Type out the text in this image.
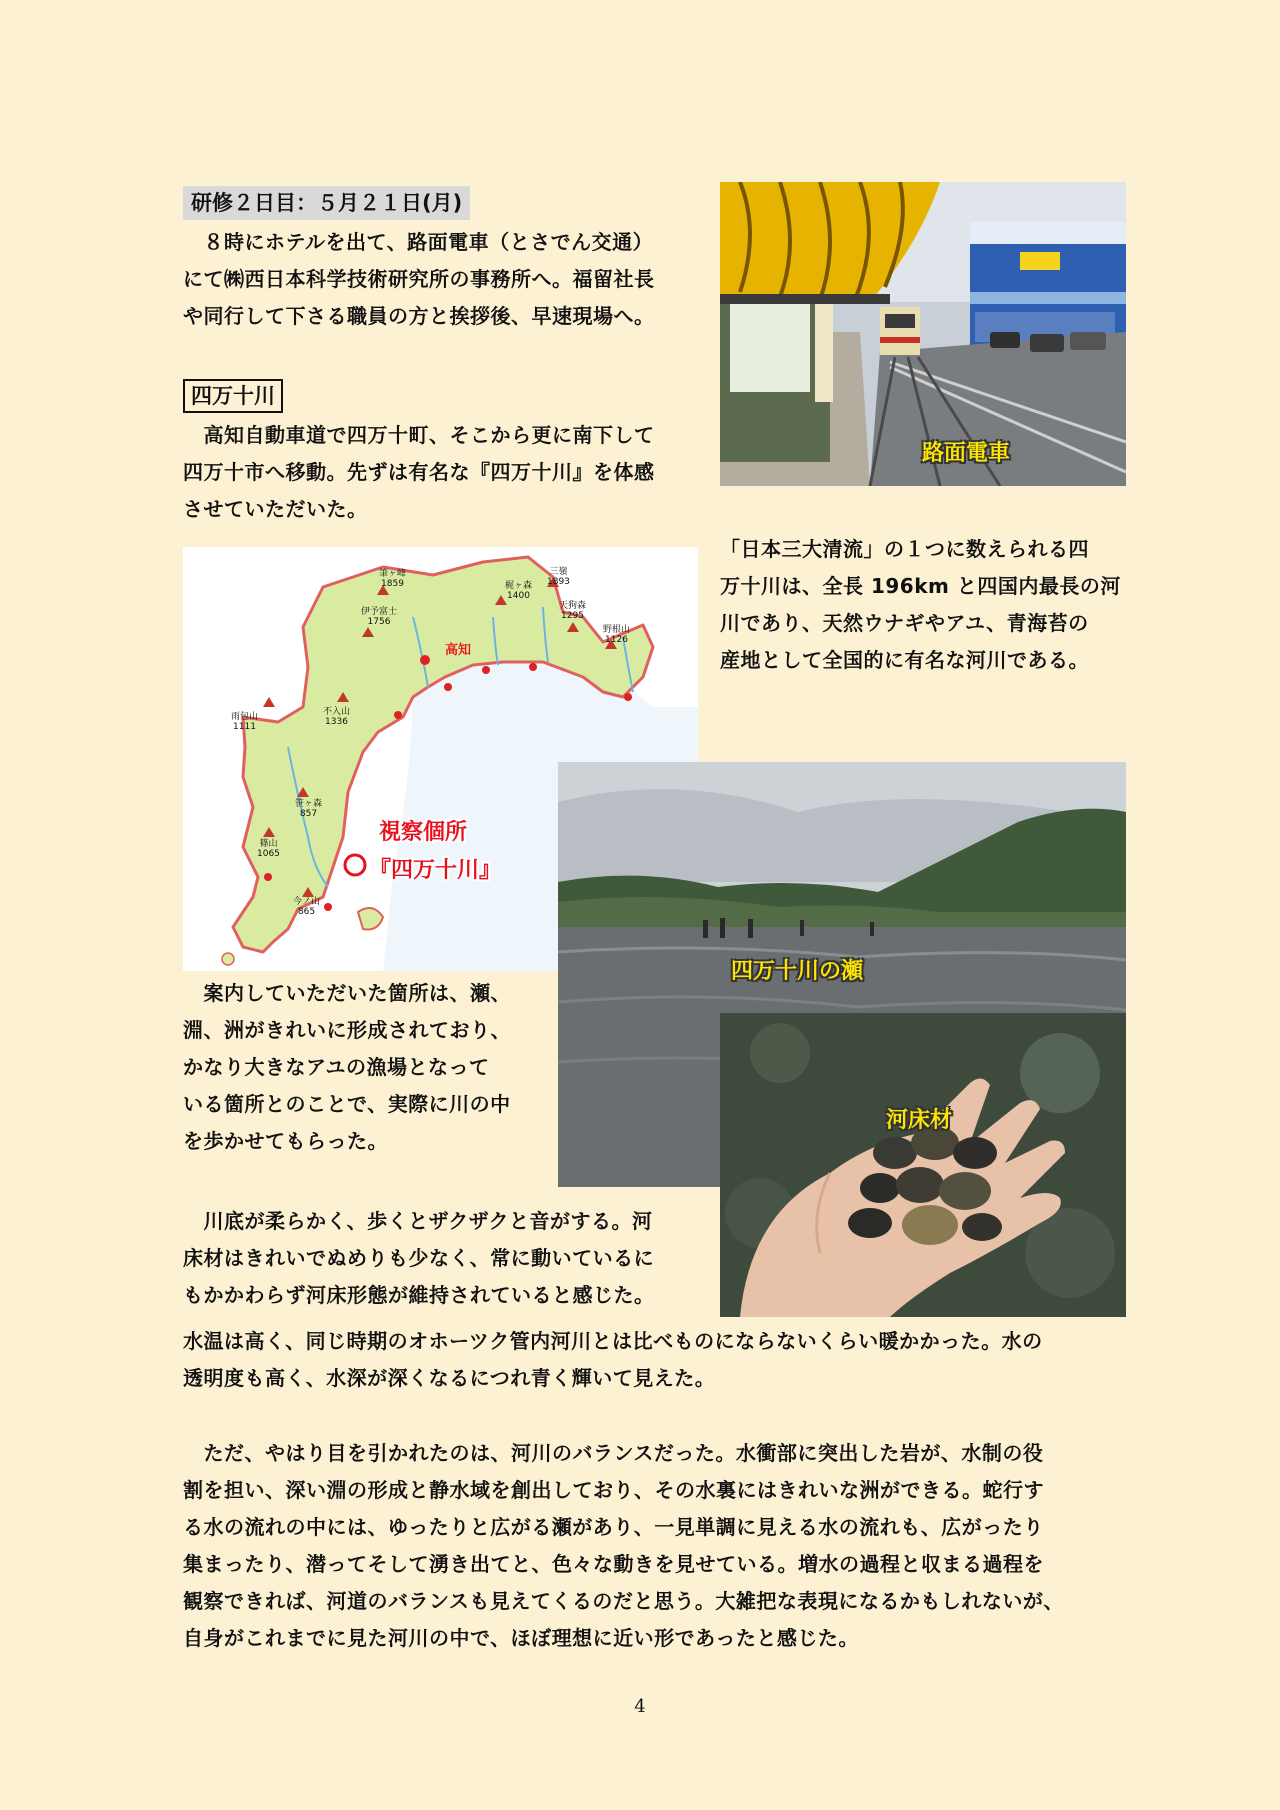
研修２日目：５月２１日(月)
　８時にホテルを出て、路面電車（とさでん交通）
にて㈱西日本科学技術研究所の事務所へ。福留社長
や同行して下さる職員の方と挨拶後、早速現場へ。
四万十川
　高知自動車道で四万十町、そこから更に南下して
四万十市へ移動。先ずは有名な『四万十川』を体感
させていただいた。
路面電車
「日本三大清流」の１つに数えられる四
万十川は、全長 196km と四国内最長の河
川であり、天然ウナギやアユ、青海苔の
産地として全国的に有名な河川である。
視察個所
『四万十川』
高知
筆ヶ峰
1859	梶ヶ森
1400
三嶺
1893
伊予富士
1756
天狗森
1295
野根山
1126
雨包山
1111
不入山
1336
笹ヶ森
857
篠山
1065
今ノ山
865
四万十川の瀬
　案内していただいた箇所は、瀬、
淵、洲がきれいに形成されており、
かなり大きなアユの漁場となって
いる箇所とのことで、実際に川の中
を歩かせてもらった。
河床材
　川底が柔らかく、歩くとザクザクと音がする。河
床材はきれいでぬめりも少なく、常に動いているに
もかかわらず河床形態が維持されていると感じた。
水温は高く、同じ時期のオホーツク管内河川とは比べものにならないくらい暖かかった。水の
透明度も高く、水深が深くなるにつれ青く輝いて見えた。
　ただ、やはり目を引かれたのは、河川のバランスだった。水衝部に突出した岩が、水制の役
割を担い、深い淵の形成と静水域を創出しており、その水裏にはきれいな洲ができる。蛇行す
る水の流れの中には、ゆったりと広がる瀬があり、一見単調に見える水の流れも、広がったり
集まったり、潜ってそして湧き出てと、色々な動きを見せている。増水の過程と収まる過程を
観察できれば、河道のバランスも見えてくるのだと思う。大雑把な表現になるかもしれないが、
自身がこれまでに見た河川の中で、ほぼ理想に近い形であったと感じた。
4
